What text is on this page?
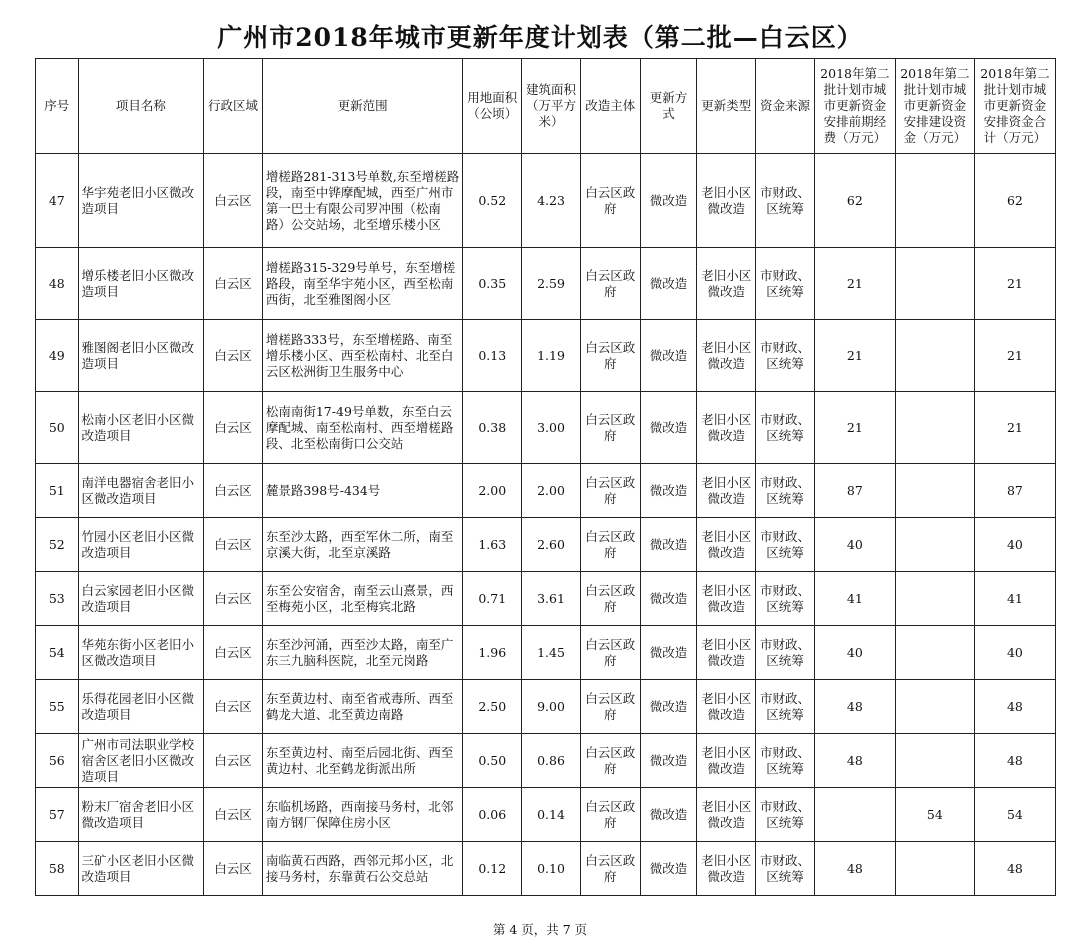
广州市2018年城市更新年度计划表（第二批—白云区）
序号	项目名称	行政区域	更新范围	用地面积（公顷）	建筑面积（万平方米）	改造主体	更新方式	更新类型	资金来源	2018年第二批计划市城市更新资金安排前期经费（万元）	2018年第二批计划市城市更新资金安排建设资金（万元）	2018年第二批计划市城市更新资金安排资金合计（万元）
47	华宇苑老旧小区微改造项目	白云区	增槎路281-313号单数,东至增槎路段，南至中铧摩配城，西至广州市第一巴士有限公司罗冲围（松南路）公交站场，北至增乐楼小区	0.52	4.23	白云区政府	微改造	老旧小区微改造	市财政、区统筹	62		62
48	增乐楼老旧小区微改造项目	白云区	增槎路315-329号单号，东至增槎路段，南至华宇苑小区，西至松南西街，北至雅图阁小区	0.35	2.59	白云区政府	微改造	老旧小区微改造	市财政、区统筹	21		21
49	雅图阁老旧小区微改造项目	白云区	增槎路333号，东至增槎路、南至增乐楼小区、西至松南村、北至白云区松洲街卫生服务中心	0.13	1.19	白云区政府	微改造	老旧小区微改造	市财政、区统筹	21		21
50	松南小区老旧小区微改造项目	白云区	松南南街17-49号单数，东至白云摩配城、南至松南村、西至增槎路段、北至松南街口公交站	0.38	3.00	白云区政府	微改造	老旧小区微改造	市财政、区统筹	21		21
51	南洋电器宿舍老旧小区微改造项目	白云区	麓景路398号-434号	2.00	2.00	白云区政府	微改造	老旧小区微改造	市财政、区统筹	87		87
52	竹园小区老旧小区微改造项目	白云区	东至沙太路，西至军休二所，南至京溪大街，北至京溪路	1.63	2.60	白云区政府	微改造	老旧小区微改造	市财政、区统筹	40		40
53	白云家园老旧小区微改造项目	白云区	东至公安宿舍，南至云山熹景，西至梅苑小区，北至梅宾北路	0.71	3.61	白云区政府	微改造	老旧小区微改造	市财政、区统筹	41		41
54	华苑东街小区老旧小区微改造项目	白云区	东至沙河涌，西至沙太路，南至广东三九脑科医院，北至元岗路	1.96	1.45	白云区政府	微改造	老旧小区微改造	市财政、区统筹	40		40
55	乐得花园老旧小区微改造项目	白云区	东至黄边村、南至省戒毒所、西至鹤龙大道、北至黄边南路	2.50	9.00	白云区政府	微改造	老旧小区微改造	市财政、区统筹	48		48
56	广州市司法职业学校宿舍区老旧小区微改造项目	白云区	东至黄边村、南至后园北街、西至黄边村、北至鹤龙街派出所	0.50	0.86	白云区政府	微改造	老旧小区微改造	市财政、区统筹	48		48
57	粉末厂宿舍老旧小区微改造项目	白云区	东临机场路，西南接马务村，北邻南方钢厂保障住房小区	0.06	0.14	白云区政府	微改造	老旧小区微改造	市财政、区统筹		54	54
58	三矿小区老旧小区微改造项目	白云区	南临黄石西路，西邻元邦小区，北接马务村，东靠黄石公交总站	0.12	0.10	白云区政府	微改造	老旧小区微改造	市财政、区统筹	48		48
第 4 页，共 7 页
